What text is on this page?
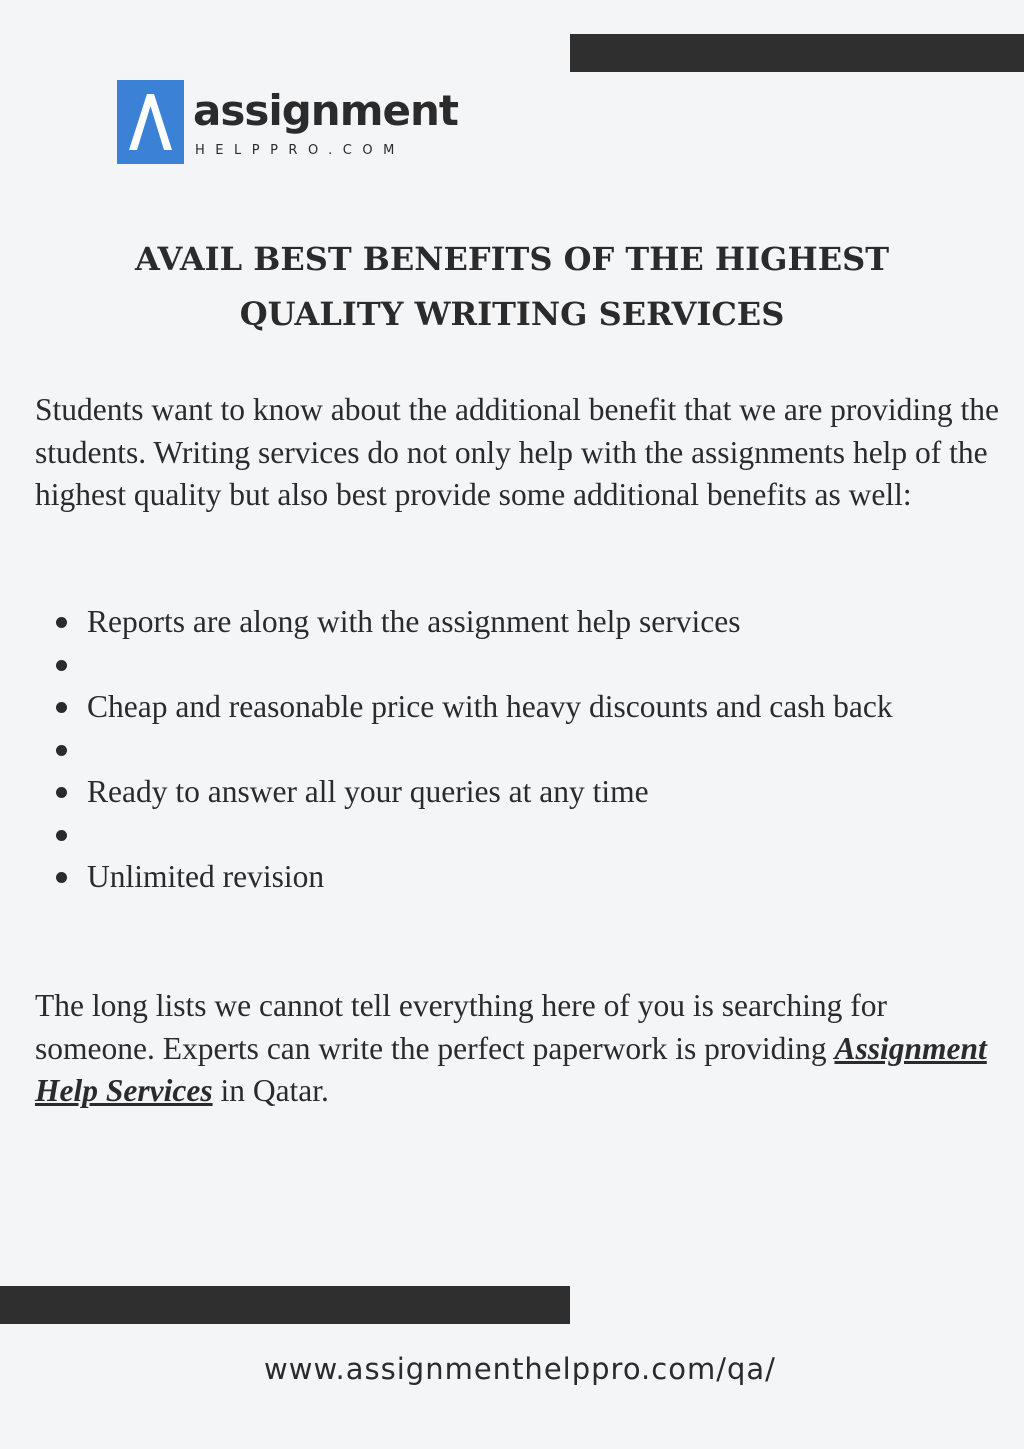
assignment
HELPPRO.COM
AVAIL BEST BENEFITS OF THE HIGHEST
QUALITY WRITING SERVICES

Students want to know about the additional benefit that we are providing the students. Writing services do not only help with the assignments help of the highest quality but also best provide some additional benefits as well:

Reports are along with the assignment help services
Cheap and reasonable price with heavy discounts and cash back
Ready to answer all your queries at any time
Unlimited revision

The long lists we cannot tell everything here of you is searching for someone. Experts can write the perfect paperwork is providing Assignment Help Services in Qatar.

www.assignmenthelppro.com/qa/
